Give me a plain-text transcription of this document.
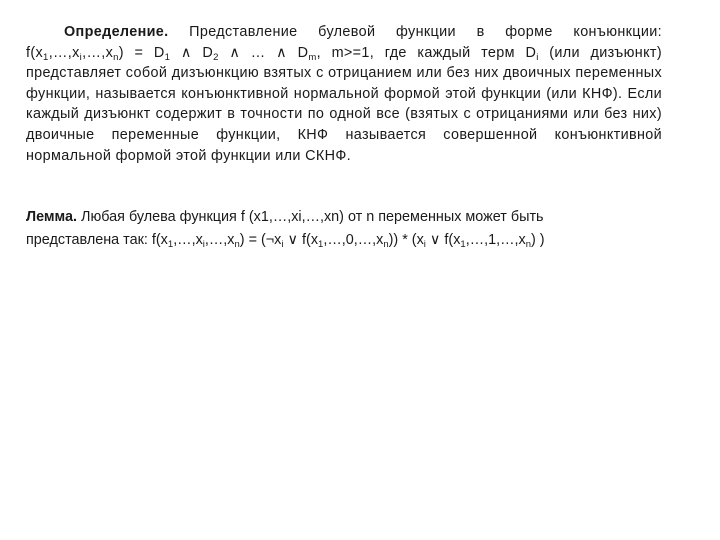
Определение. Представление булевой функции в форме конъюнкции: $f(x_1,\dots,x_i,\dots,x_n) = D_1$ ∧ $D_2$ ∧ … ∧ $D_m$, m>=1, где каждый терм $D_i$ (или дизъюнкт) представляет собой дизъюнкцию взятых с отрицанием или без них двоичных переменных функции, называется конъюнктивной нормальной формой этой функции (или КНФ). Если каждый дизъюнкт содержит в точности по одной все (взятых с отрицаниями или без них) двоичные переменные функции, КНФ называется совершенной конъюнктивной нормальной формой этой функции или СКНФ.

Лемма. Любая булева функция f (x1,…,xi,…,xn) от n переменных может быть
представлена так: $f(x_1,\dots,x_i,\dots,x_n)$ = ($\neg x_i$ ∨ $f(x_1,\dots,0,\dots,x_n)) * (x_i$ ∨ $f(x_1,\dots,1,\dots,x_n)$ )
